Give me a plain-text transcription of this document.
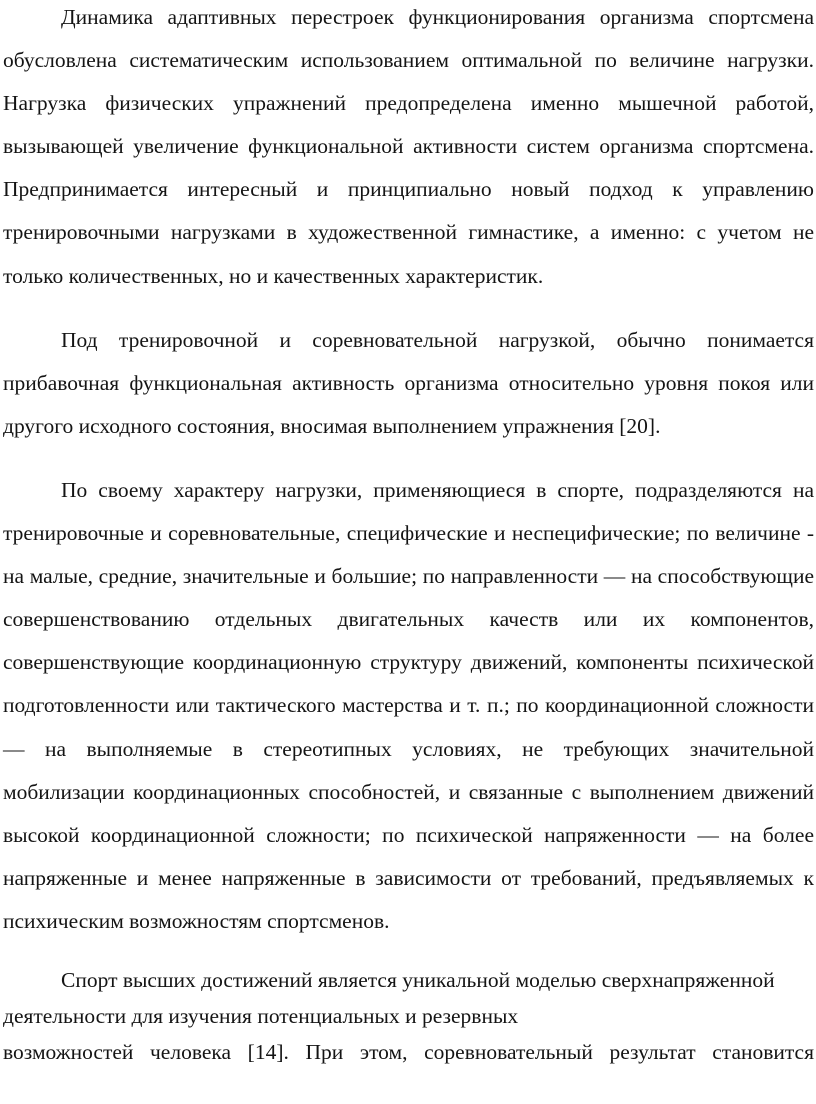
Динамика адаптивных перестроек функционирования организма спортсмена обусловлена систематическим использованием оптимальной по величине нагрузки. Нагрузка физических упражнений предопределена именно мышечной работой, вызывающей увеличение функциональной активности систем организма спортсмена. Предпринимается интересный и принципиально новый подход к управлению тренировочными нагрузками в художественной гимнастике, а именно: с учетом не только количественных, но и качественных характеристик.

Под тренировочной и соревновательной нагрузкой, обычно понимается прибавочная функциональная активность организма относительно уровня покоя или другого исходного состояния, вносимая выполнением упражнения [20].

По своему характеру нагрузки, применяющиеся в спорте, подразделяются на тренировочные и соревновательные, специфические и неспецифические; по величине - на малые, средние, значительные и большие; по направленности — на способствующие совершенствованию отдельных двигательных качеств или их компонентов, совершенствующие координационную структуру движений, компоненты психической подготовленности или тактического мастерства и т. п.; по координационной сложности — на выполняемые в стереотипных условиях, не требующих значительной мобилизации координационных способностей, и связанные с выполнением движений высокой координационной сложности; по психической напряженности — на более напряженные и менее напряженные в зависимости от требований, предъявляемых к психическим возможностям спортсменов.

Спорт высших достижений является уникальной моделью сверхнапряженной деятельности для изучения потенциальных и резервных
возможностей человека [14]. При этом, соревновательный результат становится
